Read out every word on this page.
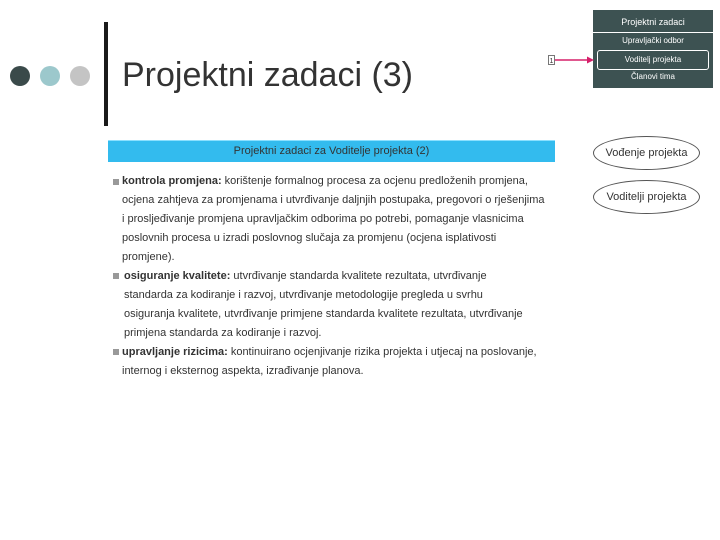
Projektni zadaci (3)
Projektni zadaci
Upravljački odbor
Voditelj projekta
Članovi tima
1
Projektni zadaci za Voditelje projekta (2)	Vođenje projekta
Voditelji projekta
kontrola promjena: korištenje formalnog procesa za ocjenu predloženih promjena, ocjena zahtjeva za promjenama i utvrđivanje daljnjih postupaka, pregovori o rješenjima i prosljeđivanje promjena upravljačkim odborima po potrebi, pomaganje vlasnicima poslovnih procesa u izradi poslovnog slučaja za promjenu (ocjena isplativosti promjene).
osiguranje kvalitete: utvrđivanje standarda kvalitete rezultata, utvrđivanje standarda za kodiranje i razvoj, utvrđivanje metodologije pregleda u svrhu osiguranja kvalitete, utvrđivanje primjene standarda kvalitete rezultata, utvrđivanje primjena standarda za kodiranje i razvoj.
upravljanje rizicima: kontinuirano ocjenjivanje rizika projekta i utjecaj na poslovanje, internog i eksternog aspekta, izrađivanje planova.
